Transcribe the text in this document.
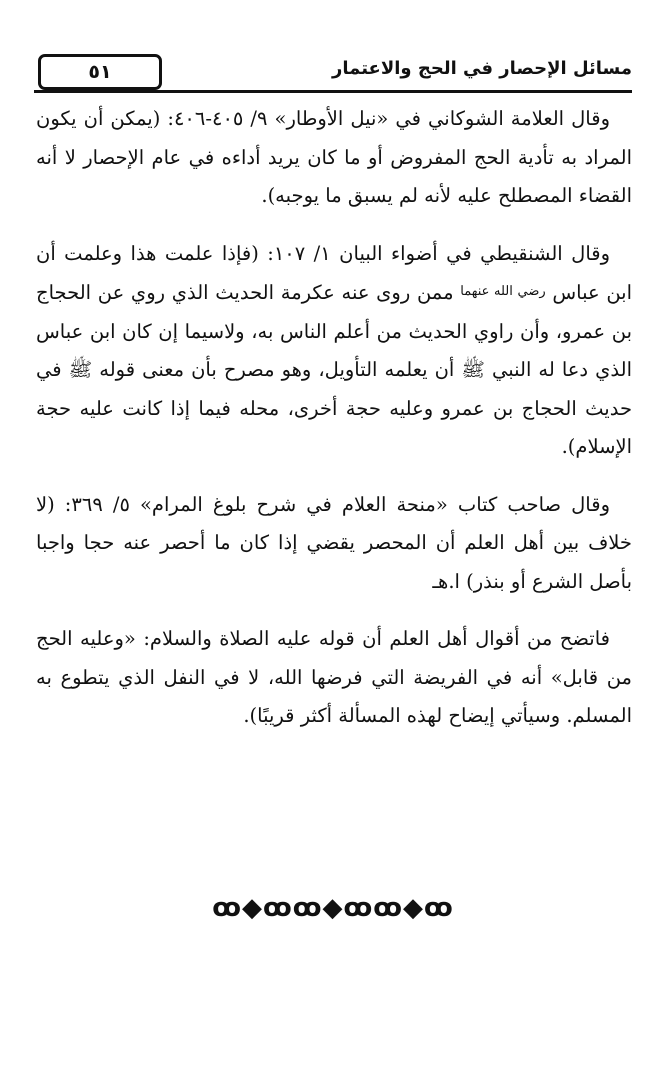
٥١	مسائل الإحصار في الحج والاعتمار

وقال العلامة الشوكاني في «نيل الأوطار» ٩/ ٤٠٥-٤٠٦: (يمكن أن يكون المراد به تأدية الحج المفروض أو ما كان يريد أداءه في عام الإحصار لا أنه القضاء المصطلح عليه لأنه لم يسبق ما يوجبه).

وقال الشنقيطي في أضواء البيان ١/ ١٠٧: (فإذا علمت هذا وعلمت أن ابن عباس $^{رضي الله عنهما}$ ممن روى عنه عكرمة الحديث الذي روي عن الحجاج بن عمرو، وأن راوي الحديث من أعلم الناس به، ولاسيما إن كان ابن عباس الذي دعا له النبي ﷺ أن يعلمه التأويل، وهو مصرح بأن معنى قوله ﷺ في حديث الحجاج بن عمرو وعليه حجة أخرى، محله فيما إذا كانت عليه حجة الإسلام).

وقال صاحب كتاب «منحة العلام في شرح بلوغ المرام» ٥/ ٣٦٩: (لا خلاف بين أهل العلم أن المحصر يقضي إذا كان ما أحصر عنه حجا واجبا بأصل الشرع أو بنذر) ا.هـ

فاتضح من أقوال أهل العلم أن قوله عليه الصلاة والسلام: «وعليه الحج من قابل» أنه في الفريضة التي فرضها الله، لا في النفل الذي يتطوع به المسلم. وسيأتي إيضاح لهذه المسألة أكثر قريبًا).

ꝏ◆ꝏꝏ◆ꝏꝏ◆ꝏ
